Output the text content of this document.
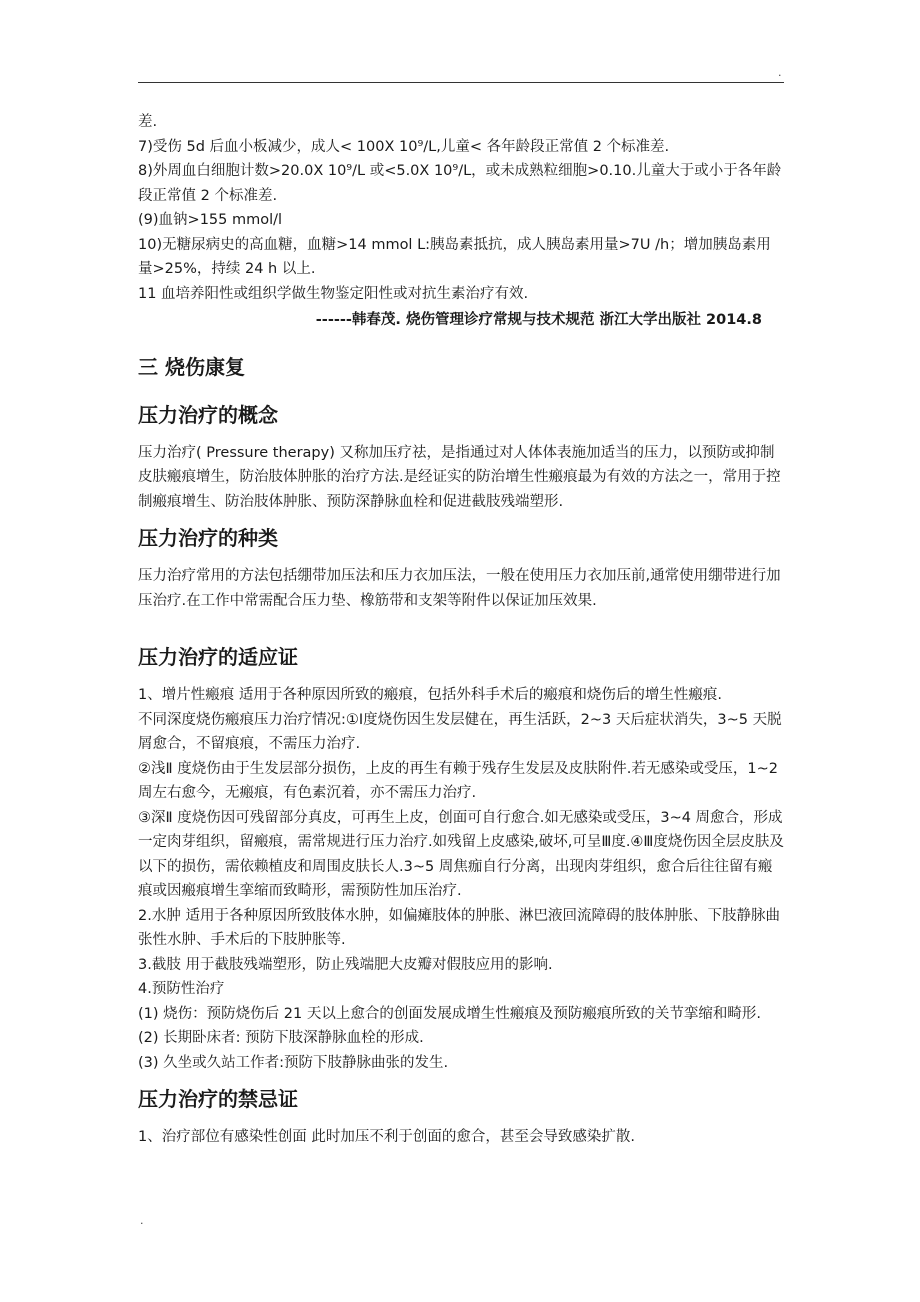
.

差.

7)受伤 5d 后血小板减少，成人< 100X 10⁹/L,儿童< 各年龄段正常值 2 个标准差.

8)外周血白细胞计数>20.0X 10⁹/L 或<5.0X 10⁹/L，或未成熟粒细胞>0.10.儿童大于或小于各年龄段正常值 2 个标准差.

(9)血钠>155 mmol/l

10)无糖尿病史的高血糖，血糖>14 mmol L:胰岛素抵抗，成人胰岛素用量>7U /h；增加胰岛素用量>25%，持续 24 h 以上.

11 血培养阳性或组织学做生物鉴定阳性或对抗生素治疗有效.

------韩春茂. 烧伤管理诊疗常规与技术规范 浙江大学出版社 2014.8

三 烧伤康复
压力治疗的概念

压力治疗( Pressure therapy) 又称加压疗祛，是指通过对人体体表施加适当的压力，以预防或抑制皮肤瘢痕增生，防治肢体肿胀的治疗方法.是经证实的防治增生性瘢痕最为有效的方法之一，常用于控制瘢痕增生、防治肢体肿胀、预防深静脉血栓和促进截肢残端塑形.

压力治疗的种类

压力治疗常用的方法包括绷带加压法和压力衣加压法，一般在使用压力衣加压前,通常使用绷带进行加压治疗.在工作中常需配合压力垫、橡筋带和支架等附件以保证加压效果.

压力治疗的适应证

1、增片性瘢痕 适用于各种原因所致的瘢痕，包括外科手术后的瘢痕和烧伤后的增生性瘢痕.

不同深度烧伤瘢痕压力治疗情况:①Ⅰ度烧伤因生发层健在，再生活跃，2~3 天后症状消失，3~5 天脱屑愈合，不留痕痕，不需压力治疗.

②浅Ⅱ 度烧伤由于生发层部分损伤，上皮的再生有赖于残存生发层及皮肤附件.若无感染或受压，1~2 周左右愈今，无瘢痕，有色素沉着，亦不需压力治疗.

③深Ⅱ 度烧伤因可残留部分真皮，可再生上皮，创面可自行愈合.如无感染或受压，3~4 周愈合，形成一定肉芽组织，留瘢痕，需常规进行压力治疗.如残留上皮感染,破坏,可呈Ⅲ度.④Ⅲ度烧伤因全层皮肤及以下的损伤，需依赖植皮和周围皮肤长人.3~5 周焦痂自行分离，出现肉芽组织，愈合后往往留有瘢痕或因瘢痕增生挛缩而致畸形，需预防性加压治疗.

2.水肿 适用于各种原因所致肢体水肿，如偏瘫肢体的肿胀、淋巴液回流障碍的肢体肿胀、下肢静脉曲张性水肿、手术后的下肢肿胀等.

3.截肢 用于截肢残端塑形，防止残端肥大皮瓣对假肢应用的影响.

4.预防性治疗

(1) 烧伤：预防烧伤后 21 天以上愈合的创面发展成增生性瘢痕及预防瘢痕所致的关节挛缩和畸形.

(2) 长期卧床者: 预防下肢深静脉血栓的形成.

(3) 久坐或久站工作者:预防下肢静脉曲张的发生.

压力治疗的禁忌证

1、治疗部位有感染性创面 此时加压不利于创面的愈合，甚至会导致感染扩散.

.
